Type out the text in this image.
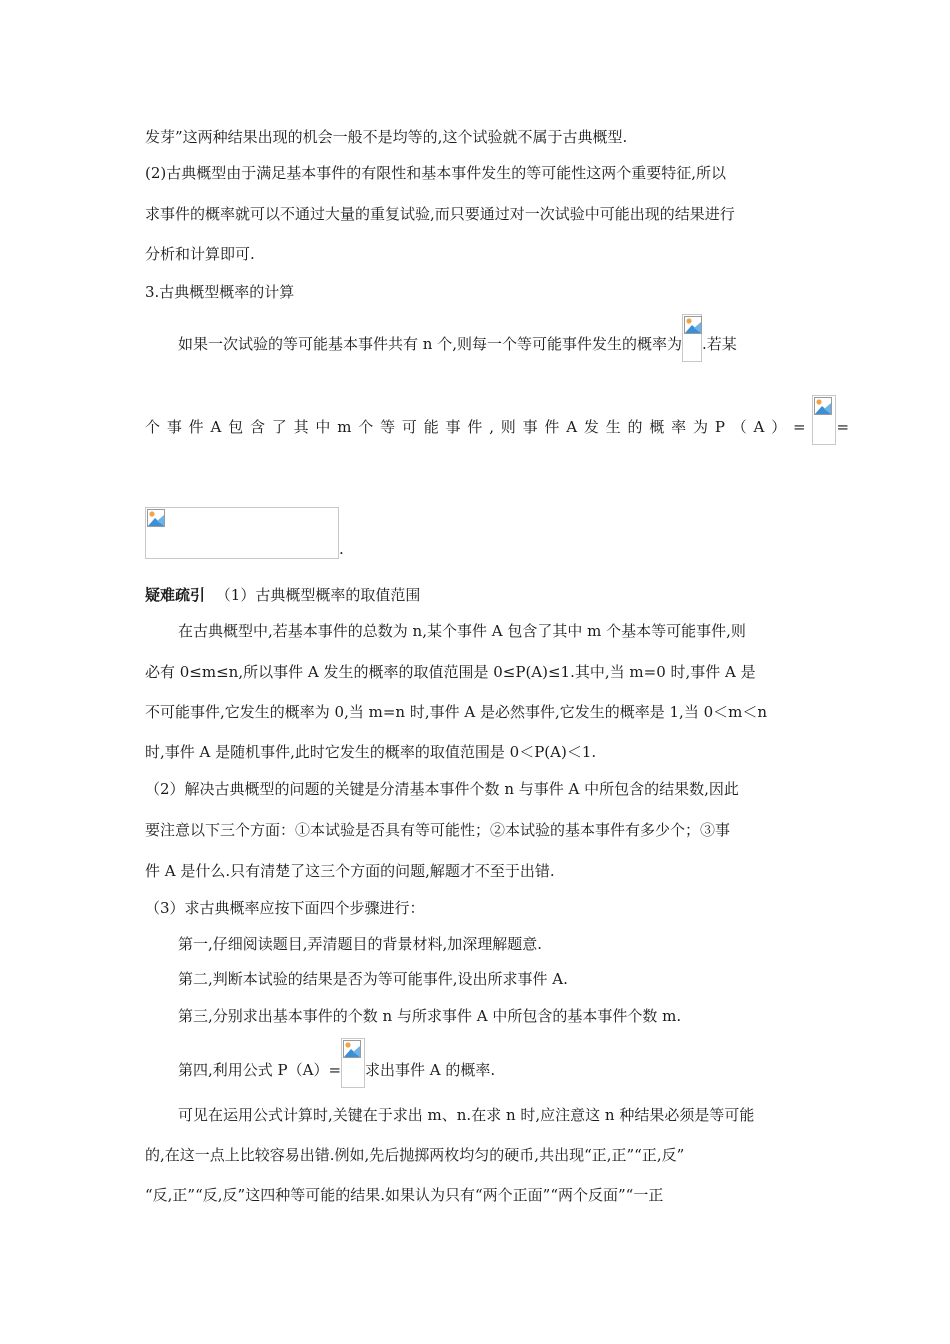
发芽”这两种结果出现的机会一般不是均等的,这个试验就不属于古典概型.
(2)古典概型由于满足基本事件的有限性和基本事件发生的等可能性这两个重要特征,所以
求事件的概率就可以不通过大量的重复试验,而只要通过对一次试验中可能出现的结果进行
分析和计算即可.
3.古典概型概率的计算
如果一次试验的等可能基本事件共有 n 个,则每一个等可能事件发生的概率为 .若某
个事件A包含了其中m个等可能事件,则事件A发生的概率为P（A）= =
.
疑难疏引 （1）古典概型概率的取值范围
在古典概型中,若基本事件的总数为 n,某个事件 A 包含了其中 m 个基本等可能事件,则
必有 0≤m≤n,所以事件 A 发生的概率的取值范围是 0≤P(A)≤1.其中,当 m=0 时,事件 A 是
不可能事件,它发生的概率为 0,当 m=n 时,事件 A 是必然事件,它发生的概率是 1,当 0＜m＜n
时,事件 A 是随机事件,此时它发生的概率的取值范围是 0＜P(A)＜1.
（2）解决古典概型的问题的关键是分清基本事件个数 n 与事件 A 中所包含的结果数,因此
要注意以下三个方面：①本试验是否具有等可能性；②本试验的基本事件有多少个；③事
件 A 是什么.只有清楚了这三个方面的问题,解题才不至于出错.
（3）求古典概率应按下面四个步骤进行：
第一,仔细阅读题目,弄清题目的背景材料,加深理解题意.
第二,判断本试验的结果是否为等可能事件,设出所求事件 A.
第三,分别求出基本事件的个数 n 与所求事件 A 中所包含的基本事件个数 m.
第四,利用公式 P（A）= 求出事件 A 的概率.
可见在运用公式计算时,关键在于求出 m、n.在求 n 时,应注意这 n 种结果必须是等可能
的,在这一点上比较容易出错.例如,先后抛掷两枚均匀的硬币,共出现“正,正”“正,反”
“反,正”“反,反”这四种等可能的结果.如果认为只有“两个正面”“两个反面”“一正
